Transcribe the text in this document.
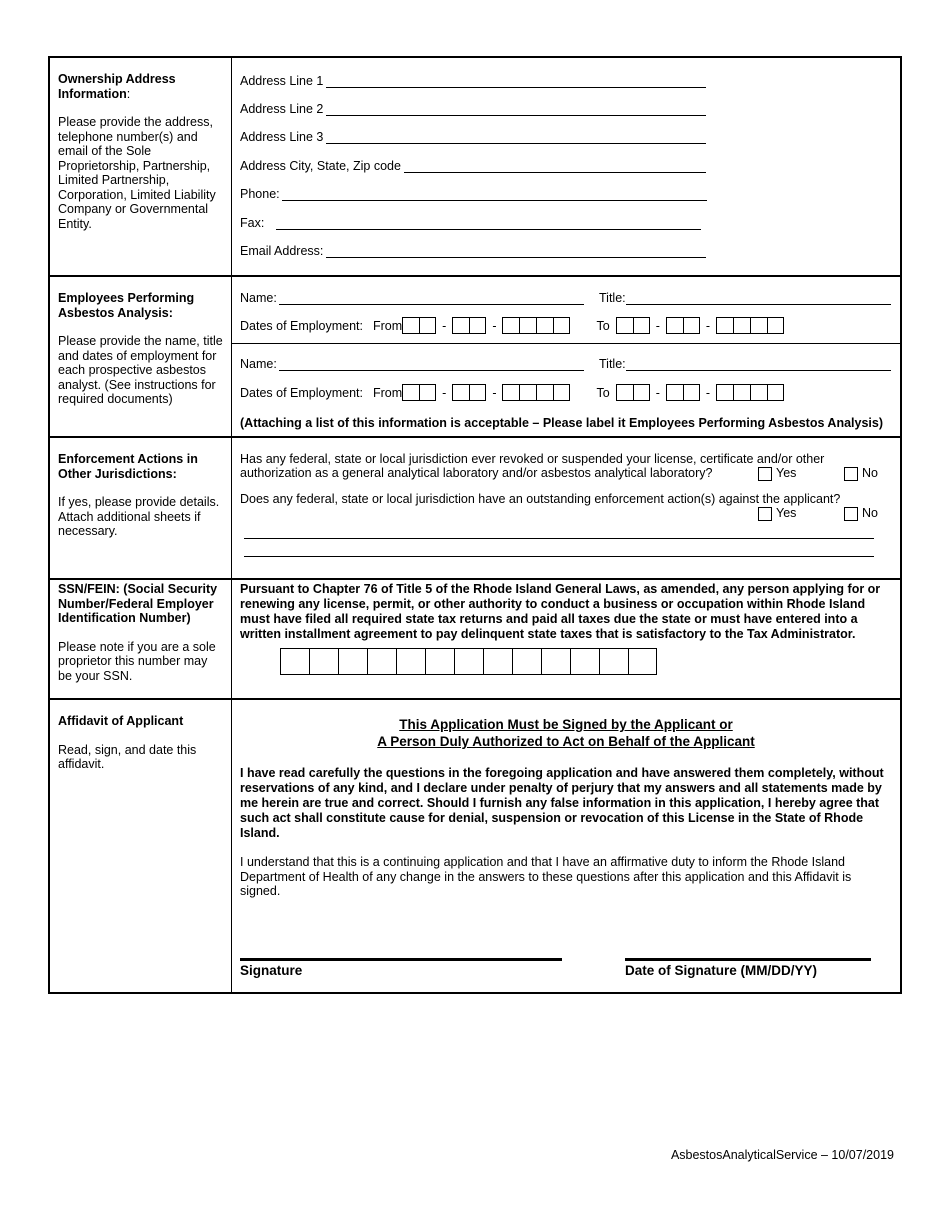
Ownership Address Information:
Please provide the address, telephone number(s) and email of the Sole Proprietorship, Partnership, Limited Partnership, Corporation, Limited Liability Company or Governmental Entity.
Address Line 1
Address Line 2
Address Line 3
Address City, State, Zip code
Phone:
Fax:
Email Address:
Employees Performing Asbestos Analysis:
Please provide the name, title and dates of employment for each prospective asbestos analyst. (See instructions for required documents)
Name:	Title:
Dates of Employment: From	-	-	To	-	-
Name:	Title:
Dates of Employment: From	-	-	To	-	-
(Attaching a list of this information is acceptable – Please label it Employees Performing Asbestos Analysis)
Enforcement Actions in Other Jurisdictions:
If yes, please provide details. Attach additional sheets if necessary.
Has any federal, state or local jurisdiction ever revoked or suspended your license, certificate and/or other
authorization as a general analytical laboratory and/or asbestos analytical laboratory?	Yes	No
Does any federal, state or local jurisdiction have an outstanding enforcement action(s) against the applicant?
Yes	No
SSN/FEIN: (Social Security Number/Federal Employer Identification Number)
Please note if you are a sole proprietor this number may be your SSN.
Pursuant to Chapter 76 of Title 5 of the Rhode Island General Laws, as amended, any person applying for or renewing any license, permit, or other authority to conduct a business or occupation within Rhode Island must have filed all required state tax returns and paid all taxes due the state or must have entered into a written installment agreement to pay delinquent state taxes that is satisfactory to the Tax Administrator.
Affidavit of Applicant
Read, sign, and date this affidavit.
This Application Must be Signed by the Applicant or
A Person Duly Authorized to Act on Behalf of the Applicant
I have read carefully the questions in the foregoing application and have answered them completely, without reservations of any kind, and I declare under penalty of perjury that my answers and all statements made by me herein are true and correct. Should I furnish any false information in this application, I hereby agree that such act shall constitute cause for denial, suspension or revocation of this License in the State of Rhode Island.
I understand that this is a continuing application and that I have an affirmative duty to inform the Rhode Island Department of Health of any change in the answers to these questions after this application and this Affidavit is signed.
Signature	Date of Signature (MM/DD/YY)
AsbestosAnalyticalService – 10/07/2019
